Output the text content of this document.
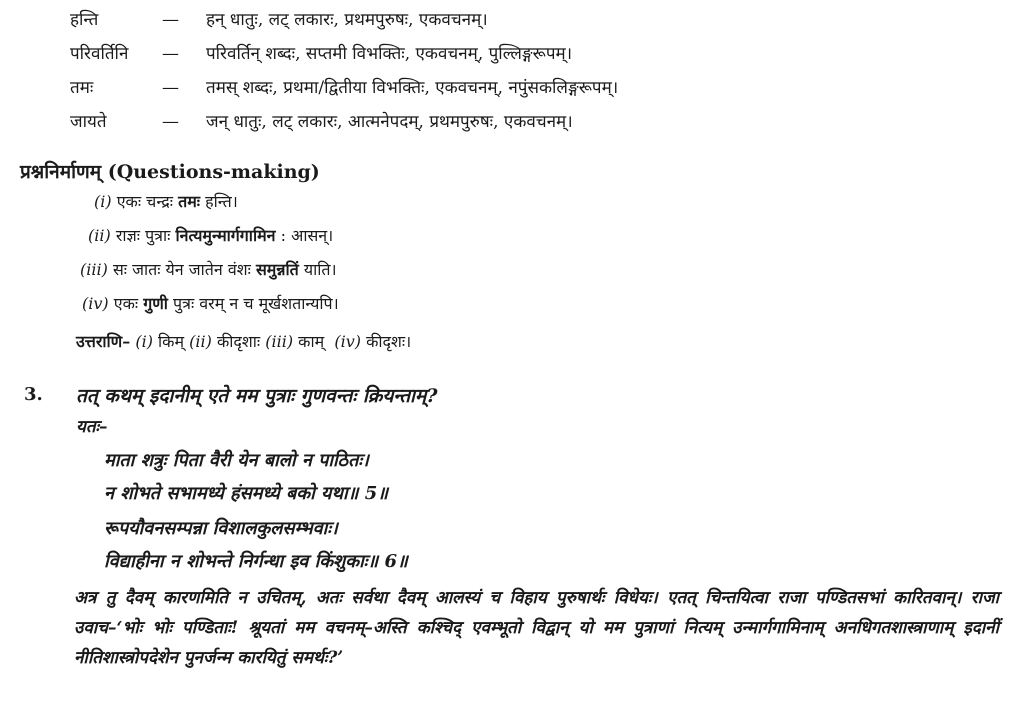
हन्ति	— हन् धातुः, लट् लकारः, प्रथमपुरुषः, एकवचनम्।
परिवर्तिनि — परिवर्तिन् शब्दः, सप्तमी विभक्तिः, एकवचनम्, पुल्लिङ्गरूपम्।
तमः	— तमस् शब्दः, प्रथमा/द्वितीया विभक्तिः, एकवचनम्, नपुंसकलिङ्गरूपम्।
जायते	— जन् धातुः, लट् लकारः, आत्मनेपदम्, प्रथमपुरुषः, एकवचनम्।
प्रश्ननिर्माणम् (Questions-making)
(i) एकः चन्द्रः तमः हन्ति।
(ii) राज्ञः पुत्राः नित्यमुन्मार्गगामिन : आसन्।
(iii) सः जातः येन जातेन वंशः समुन्नतिं याति।
(iv) एकः गुणी पुत्रः वरम् न च मूर्खशतान्यपि।
उत्तराणि– (i) किम् (ii) कीदृशाः (iii) काम् (iv) कीदृशः।
3. तत् कथम् इदानीम् एते मम पुत्राः गुणवन्तः क्रियन्ताम्?
यतः–
माता शत्रुः पिता वैरी येन बालो न पाठितः।
न शोभते सभामध्ये हंसमध्ये बको यथा॥ 5॥
रूपयौवनसम्पन्ना विशालकुलसम्भवाः।
विद्याहीना न शोभन्ते निर्गन्धा इव किंशुकाः॥ 6॥
अत्र तु दैवम् कारणमिति न उचितम्, अतः सर्वथा दैवम् आलस्यं च विहाय पुरुषार्थः विधेयः। एतत् चिन्तयित्वा राजा पण्डितसभां कारितवान्। राजा उवाच–‘भोः भोः पण्डिताः! श्रूयतां मम वचनम्–अस्ति कश्चिद् एवम्भूतो विद्वान् यो मम पुत्राणां नित्यम् उन्मार्गगामिनाम् अनधिगतशास्त्राणाम् इदानीं नीतिशास्त्रोपदेशेन पुनर्जन्म कारयितुं समर्थः?’
